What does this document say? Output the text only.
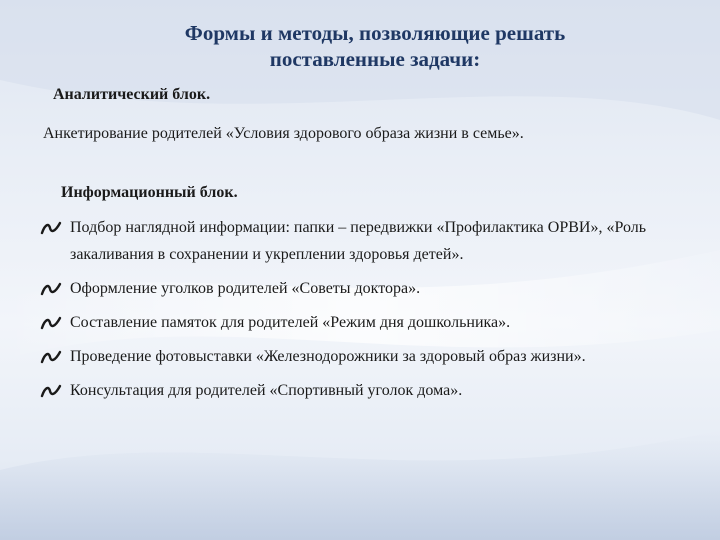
Формы и методы, позволяющие решать
поставленные задачи:
Аналитический блок.
Анкетирование родителей «Условия здорового образа жизни в семье».
Информационный блок.
Подбор наглядной информации: папки – передвижки «Профилактика ОРВИ», «Роль закаливания в сохранении и укреплении здоровья детей».
Оформление уголков родителей «Советы доктора».
Составление памяток для родителей «Режим дня дошкольника».
Проведение фотовыставки «Железнодорожники за здоровый образ жизни».
Консультация для родителей «Спортивный уголок дома».
